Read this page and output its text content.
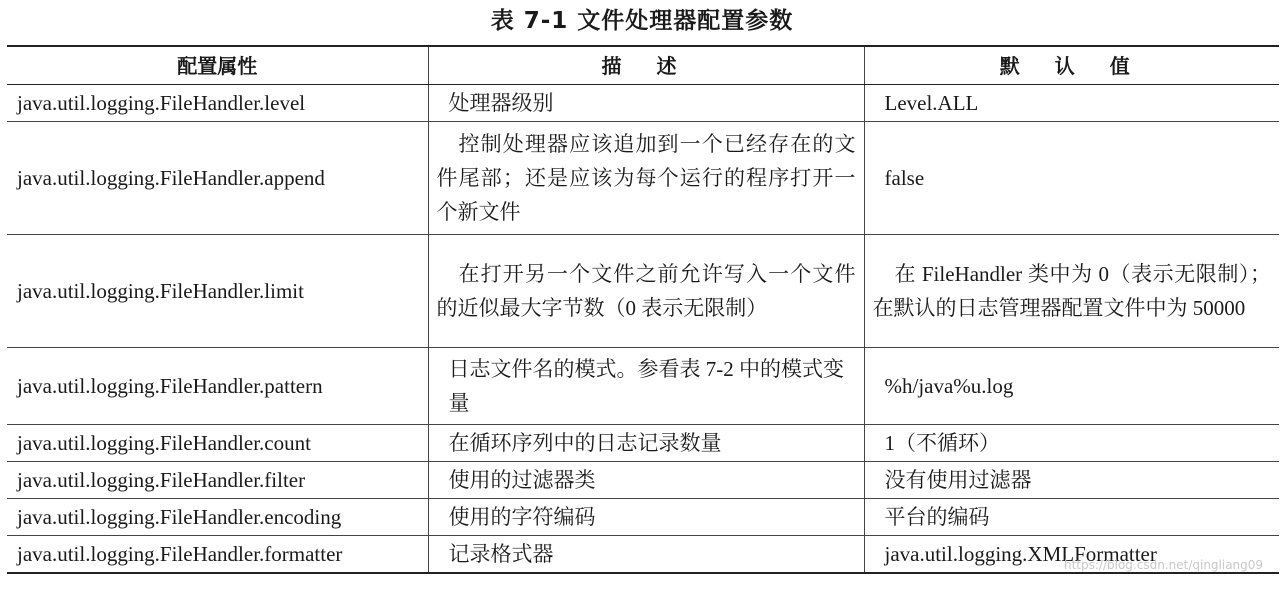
表 7-1 文件处理器配置参数
配置属性	描 述	默 认 值
java.util.logging.FileHandler.level	处理器级别	Level.ALL
java.util.logging.FileHandler.append	控制处理器应该追加到一个已经存在的文件尾部；还是应该为每个运行的程序打开一个新文件	false
java.util.logging.FileHandler.limit	在打开另一个文件之前允许写入一个文件的近似最大字节数（0 表示无限制）	在 FileHandler 类中为 0（表示无限制）；在默认的日志管理器配置文件中为 50000
java.util.logging.FileHandler.pattern	日志文件名的模式。参看表 7-2 中的模式变量	%h/java%u.log
java.util.logging.FileHandler.count	在循环序列中的日志记录数量	1（不循环）
java.util.logging.FileHandler.filter	使用的过滤器类	没有使用过滤器
java.util.logging.FileHandler.encoding	使用的字符编码	平台的编码
java.util.logging.FileHandler.formatter	记录格式器	java.util.logging.XMLFormatter
https://blog.csdn.net/qingliang09
